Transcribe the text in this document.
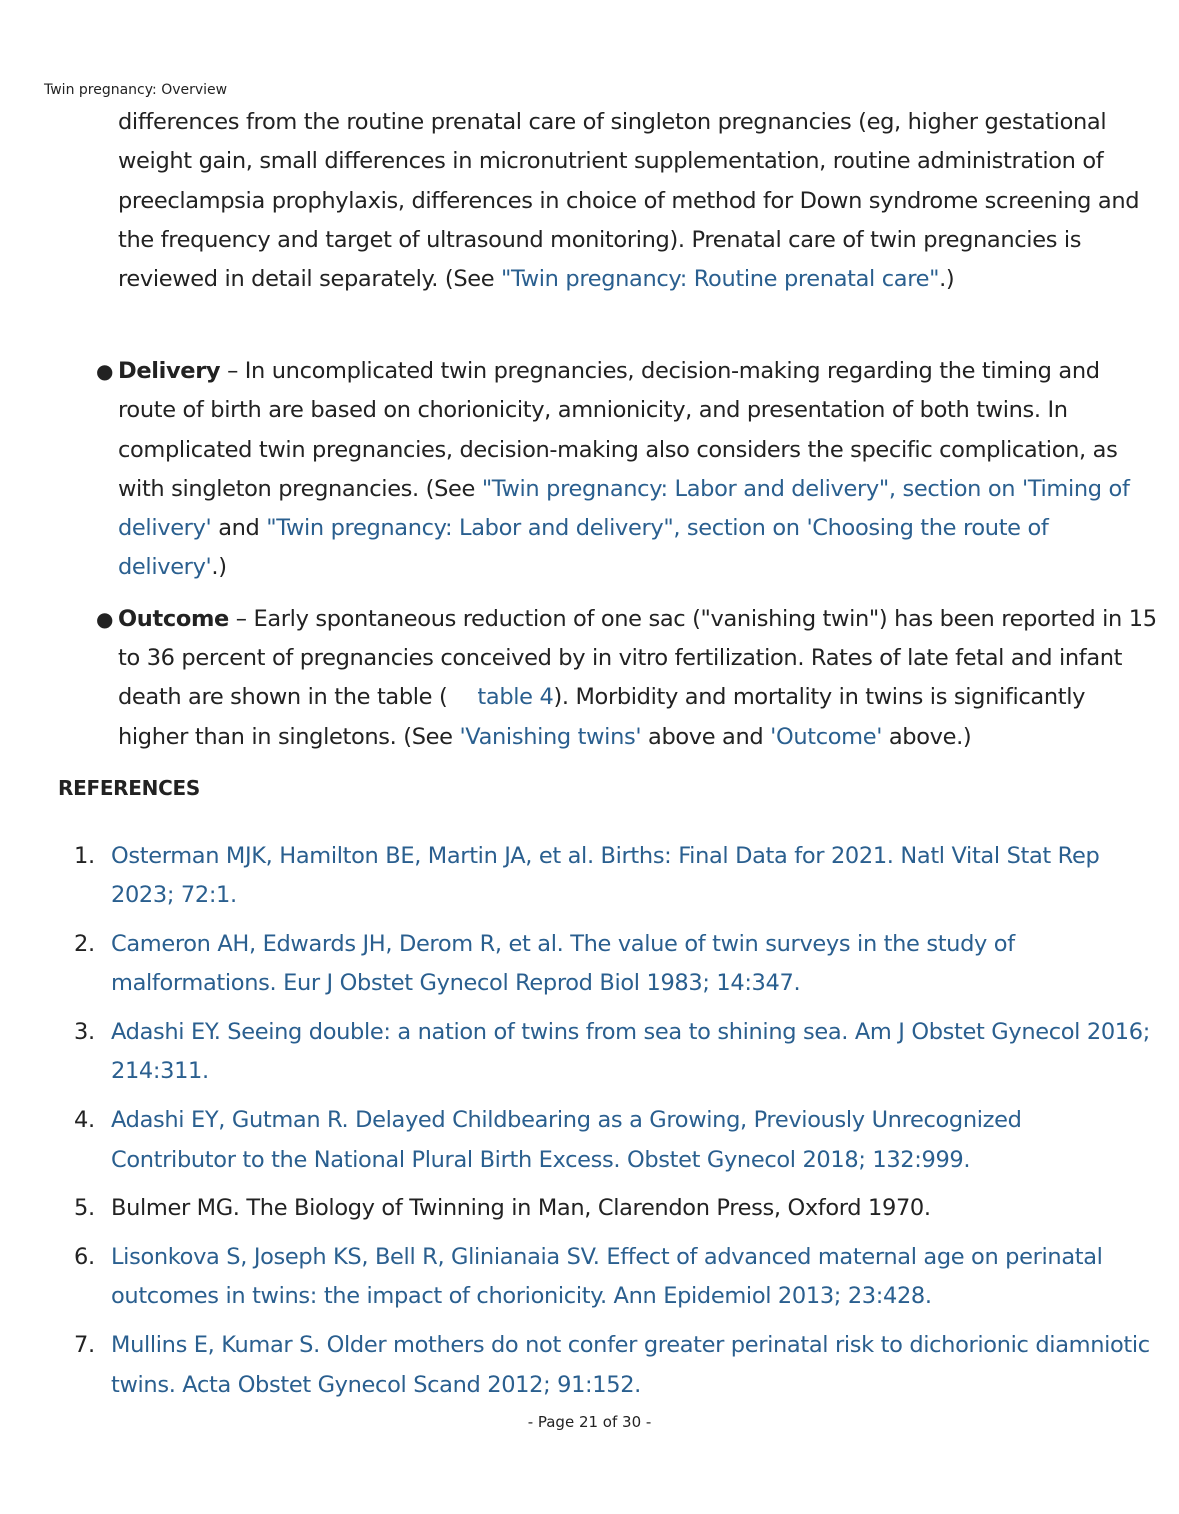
Twin pregnancy: Overview

differences from the routine prenatal care of singleton pregnancies (eg, higher gestational weight gain, small differences in micronutrient supplementation, routine administration of preeclampsia prophylaxis, differences in choice of method for Down syndrome screening and the frequency and target of ultrasound monitoring). Prenatal care of twin pregnancies is reviewed in detail separately. (See "Twin pregnancy: Routine prenatal care".)

● Delivery – In uncomplicated twin pregnancies, decision-making regarding the timing and route of birth are based on chorionicity, amnionicity, and presentation of both twins. In complicated twin pregnancies, decision-making also considers the specific complication, as with singleton pregnancies. (See "Twin pregnancy: Labor and delivery", section on 'Timing of delivery' and "Twin pregnancy: Labor and delivery", section on 'Choosing the route of delivery'.)
● Outcome – Early spontaneous reduction of one sac ("vanishing twin") has been reported in 15 to 36 percent of pregnancies conceived by in vitro fertilization. Rates of late fetal and infant death are shown in the table ( table 4). Morbidity and mortality in twins is significantly higher than in singletons. (See 'Vanishing twins' above and 'Outcome' above.)
REFERENCES
1. Osterman MJK, Hamilton BE, Martin JA, et al. Births: Final Data for 2021. Natl Vital Stat Rep 2023; 72:1.
2. Cameron AH, Edwards JH, Derom R, et al. The value of twin surveys in the study of malformations. Eur J Obstet Gynecol Reprod Biol 1983; 14:347.
3. Adashi EY. Seeing double: a nation of twins from sea to shining sea. Am J Obstet Gynecol 2016; 214:311.
4. Adashi EY, Gutman R. Delayed Childbearing as a Growing, Previously Unrecognized Contributor to the National Plural Birth Excess. Obstet Gynecol 2018; 132:999.
5. Bulmer MG. The Biology of Twinning in Man, Clarendon Press, Oxford 1970.
6. Lisonkova S, Joseph KS, Bell R, Glinianaia SV. Effect of advanced maternal age on perinatal outcomes in twins: the impact of chorionicity. Ann Epidemiol 2013; 23:428.
7. Mullins E, Kumar S. Older mothers do not confer greater perinatal risk to dichorionic diamniotic twins. Acta Obstet Gynecol Scand 2012; 91:152.
- Page 21 of 30 -
